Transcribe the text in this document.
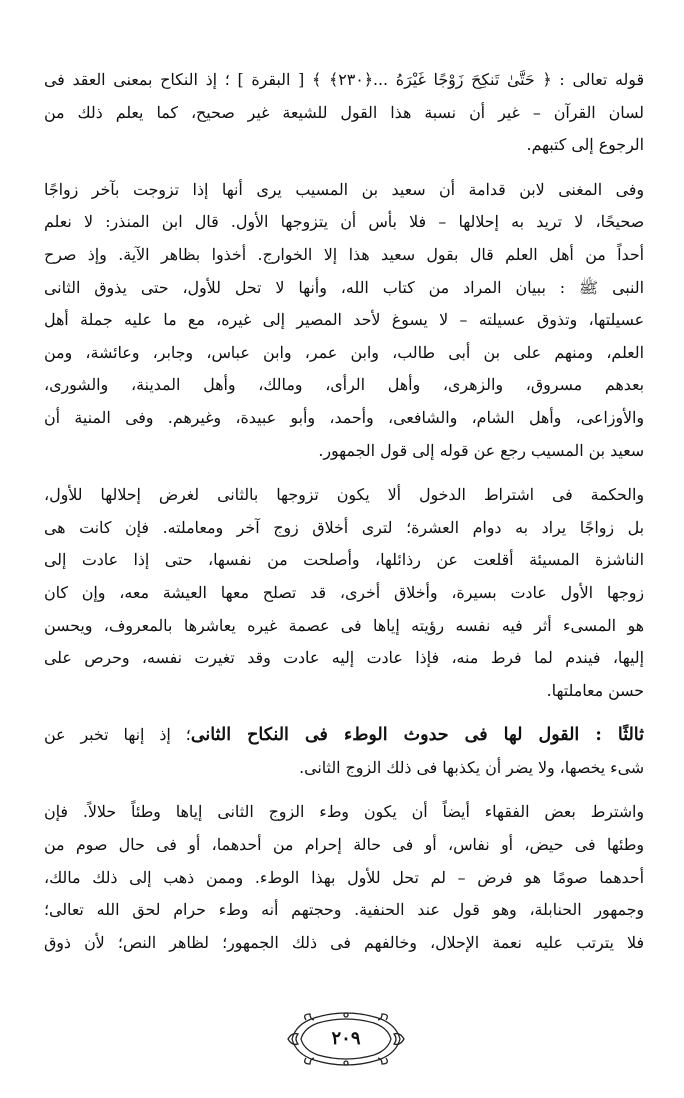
قوله تعالى : ﴿ حَتَّىٰ تَنكِحَ زَوْجًا غَيْرَهُ ...﴿٢٣٠﴾ ﴾ [ البقرة ] ؛ إذ النكاح بمعنى العقد فى
لسان القرآن – غير أن نسبة هذا القول للشيعة غير صحيح، كما يعلم ذلك من
الرجوع إلى كتبهم.
وفى المغنى لابن قدامة أن سعيد بن المسيب يرى أنها إذا تزوجت بآخر زواجًا
صحيحًا، لا تريد به إحلالها – فلا بأس أن يتزوجها الأول. قال ابن المنذر: لا نعلم
أحداً من أهل العلم قال بقول سعيد هذا إلا الخوارج. أخذوا بظاهر الآية. وإذ صرح
النبى ﷺ : ببيان المراد من كتاب الله، وأنها لا تحل للأول، حتى يذوق الثانى
عسيلتها، وتذوق عسيلته – لا يسوغ لأحد المصير إلى غيره، مع ما عليه جملة أهل
العلم، ومنهم على بن أبى طالب، وابن عمر، وابن عباس، وجابر، وعائشة، ومن
بعدهم مسروق، والزهرى، وأهل الرأى، ومالك، وأهل المدينة، والشورى،
والأوزاعى، وأهل الشام، والشافعى، وأحمد، وأبو عبيدة، وغيرهم. وفى المنية أن
سعيد بن المسيب رجع عن قوله إلى قول الجمهور.
والحكمة فى اشتراط الدخول ألا يكون تزوجها بالثانى لغرض إحلالها للأول،
بل زواجًا يراد به دوام العشرة؛ لترى أخلاق زوج آخر ومعاملته. فإن كانت هى
الناشزة المسيئة أقلعت عن رذائلها، وأصلحت من نفسها، حتى إذا عادت إلى
زوجها الأول عادت بسيرة، وأخلاق أخرى، قد تصلح معها العيشة معه، وإن كان
هو المسىء أثر فيه نفسه رؤيته إياها فى عصمة غيره يعاشرها بالمعروف، ويحسن
إليها، فيندم لما فرط منه، فإذا عادت إليه عادت وقد تغيرت نفسه، وحرص على
حسن معاملتها.
ثالثًا : القول لها فى حدوث الوطء فى النكاح الثانى؛ إذ إنها تخبر عن
شىء يخصها، ولا يضر أن يكذبها فى ذلك الزوج الثانى.
واشترط بعض الفقهاء أيضاً أن يكون وطء الزوج الثانى إياها وطئاً حلالاً. فإن
وطئها فى حيض، أو نفاس، أو فى حالة إحرام من أحدهما، أو فى حال صوم من
أحدهما صومًا هو فرض – لم تحل للأول بهذا الوطء. وممن ذهب إلى ذلك مالك،
وجمهور الحنابلة، وهو قول عند الحنفية. وحجتهم أنه وطء حرام لحق الله تعالى؛
فلا يترتب عليه نعمة الإحلال، وخالفهم فى ذلك الجمهور؛ لظاهر النص؛ لأن ذوق
٢٠٩
